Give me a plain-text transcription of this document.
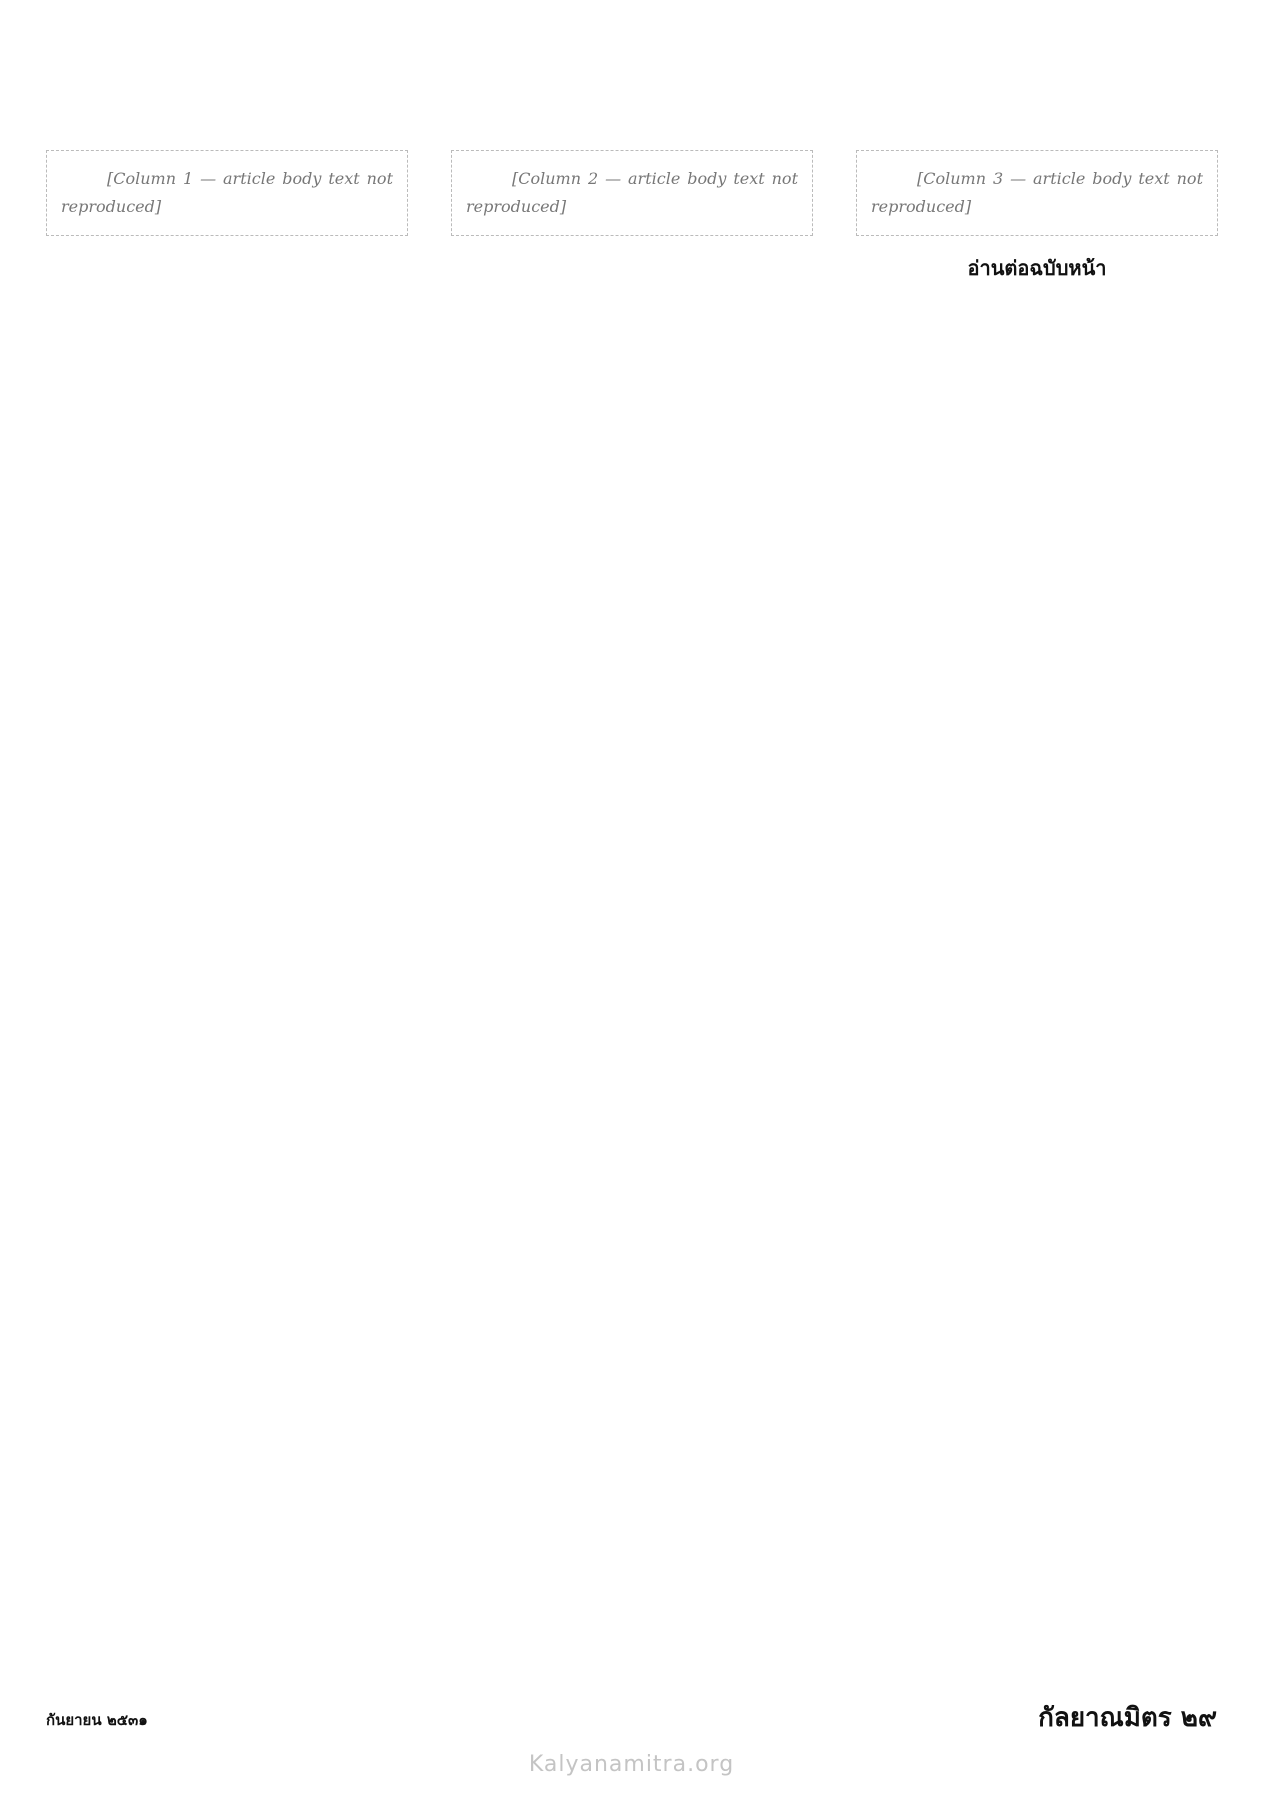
[Column 1 — article body text not reproduced]

[Column 2 — article body text not reproduced]

[Column 3 — article body text not reproduced]

อ่านต่อฉบับหน้า
กันยายน ๒๕๓๑	กัลยาณมิตร ๒๙
Kalyanamitra.org
